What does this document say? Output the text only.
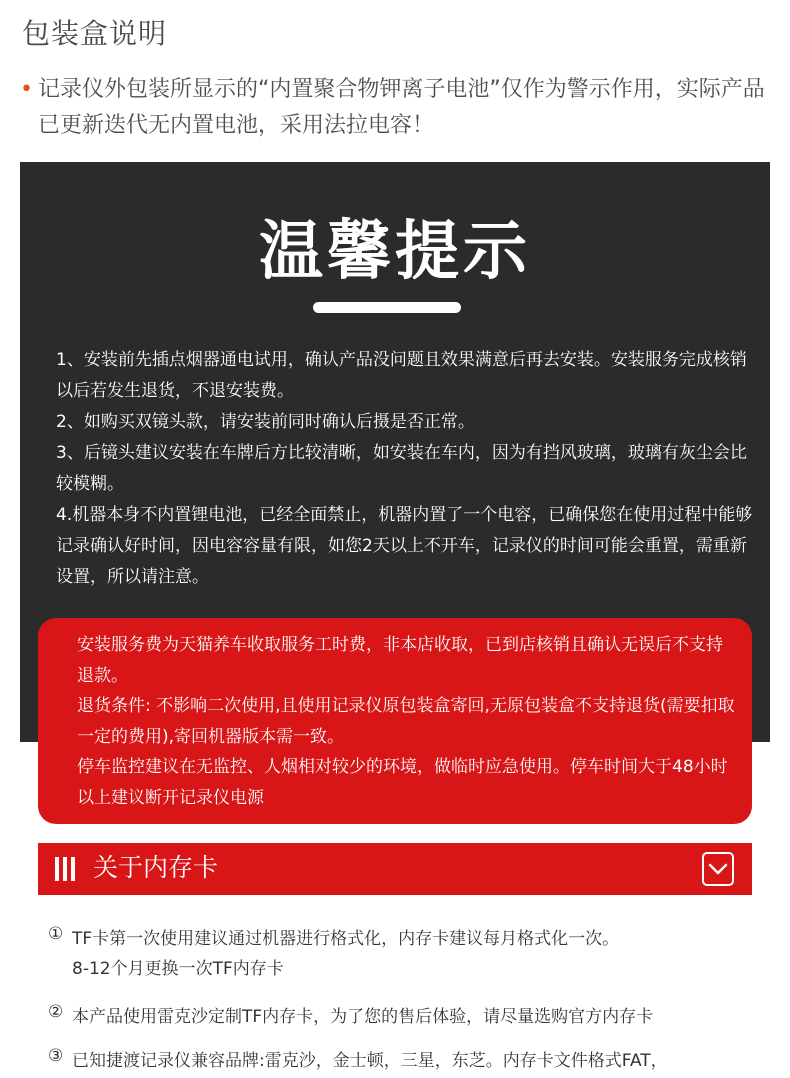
包装盒说明
• 记录仪外包装所显示的“内置聚合物钾离子电池”仅作为警示作用，实际产品已更新迭代无内置电池，采用法拉电容！
温馨提示

1、安装前先插点烟器通电试用，确认产品没问题且效果满意后再去安装。安装服务完成核销以后若发生退货，不退安装费。

2、如购买双镜头款，请安装前同时确认后摄是否正常。

3、后镜头建议安装在车牌后方比较清晰，如安装在车内，因为有挡风玻璃，玻璃有灰尘会比较模糊。

4.机器本身不内置锂电池，已经全面禁止，机器内置了一个电容，已确保您在使用过程中能够记录确认好时间，因电容容量有限，如您2天以上不开车，记录仪的时间可能会重置，需重新设置，所以请注意。

安装服务费为天猫养车收取服务工时费，非本店收取，已到店核销且确认无误后不支持退款。

退货条件: 不影响二次使用,且使用记录仪原包装盒寄回,无原包装盒不支持退货(需要扣取一定的费用),寄回机器版本需一致。

停车监控建议在无监控、人烟相对较少的环境，做临时应急使用。停车时间大于48小时以上建议断开记录仪电源

关于内存卡
① TF卡第一次使用建议通过机器进行格式化，内存卡建议每月格式化一次。

8-12个月更换一次TF内存卡

② 本产品使用雷克沙定制TF内存卡，为了您的售后体验，请尽量选购官方内存卡

③ 已知捷渡记录仪兼容品牌:雷克沙，金士顿，三星，东芝。内存卡文件格式FAT，
